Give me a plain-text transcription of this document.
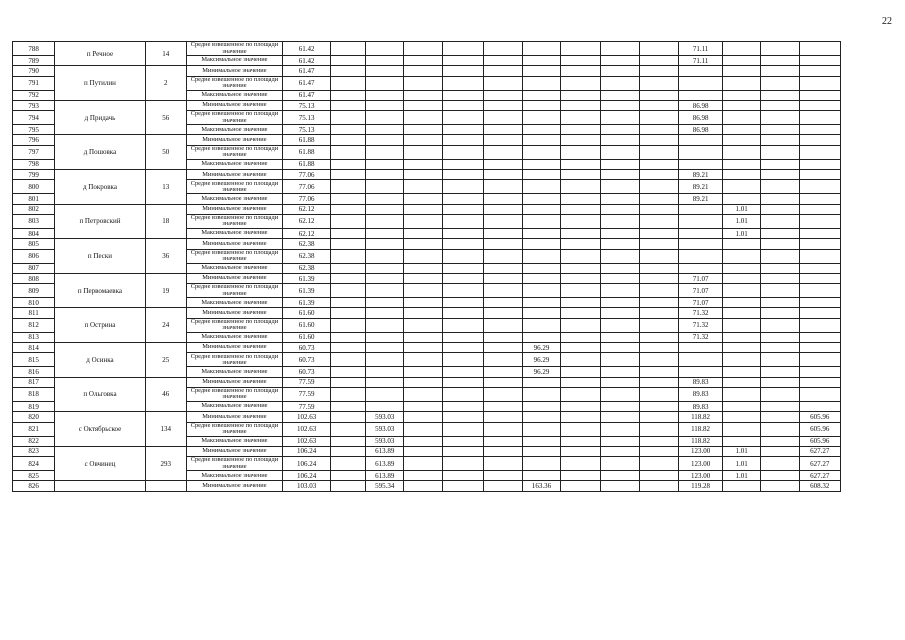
22
788	п Речное	14	Средне взвешенное по площади значение	61.42										71.11			
789			Максимальное значение	61.42										71.11			
790	п Путилин	2	Минимальное значение	61.47													
791			Средне взвешенное по площади значение	61.47													
792			Максимальное значение	61.47													
793	д Придачь	56	Минимальное значение	75.13										86.98			
794			Средне взвешенное по площади значение	75.13										86.98			
795			Максимальное значение	75.13										86.98			
796	д Пошовка	50	Минимальное значение	61.88													
797			Средне взвешенное по площади значение	61.88													
798			Максимальное значение	61.88													
799	д Покровка	13	Минимальное значение	77.06										89.21			
800			Средне взвешенное по площади значение	77.06										89.21			
801			Максимальное значение	77.06										89.21			
802	п Петровский	18	Минимальное значение	62.12											1.01		
803			Средне взвешенное по площади значение	62.12											1.01		
804			Максимальное значение	62.12											1.01		
805	п Пески	36	Минимальное значение	62.38													
806			Средне взвешенное по площади значение	62.38													
807			Максимальное значение	62.38													
808	п Первомаевка	19	Минимальное значение	61.39										71.07			
809			Средне взвешенное по площади значение	61.39										71.07			
810			Максимальное значение	61.39										71.07			
811	п Острина	24	Минимальное значение	61.60										71.32			
812			Средне взвешенное по площади значение	61.60										71.32			
813			Максимальное значение	61.60										71.32			
814	д Осинка	25	Минимальное значение	60.73						96.29							
815			Средне взвешенное по площади значение	60.73						96.29							
816			Максимальное значение	60.73						96.29							
817	п Ольговка	46	Минимальное значение	77.59										89.83			
818			Средне взвешенное по площади значение	77.59										89.83			
819			Максимальное значение	77.59										89.83			
820	с Октябрьское	134	Минимальное значение	102.63		593.03								118.82			605.96
821			Средне взвешенное по площади значение	102.63		593.03								118.82			605.96
822			Максимальное значение	102.63		593.03								118.82			605.96
823	с Овчинец	293	Минимальное значение	106.24		613.89								123.00	1.01		627.27
824			Средне взвешенное по площади значение	106.24		613.89								123.00	1.01		627.27
825			Максимальное значение	106.24		613.89								123.00	1.01		627.27
826			Минимальное значение	103.03		595.34				163.36				119.28			608.32
